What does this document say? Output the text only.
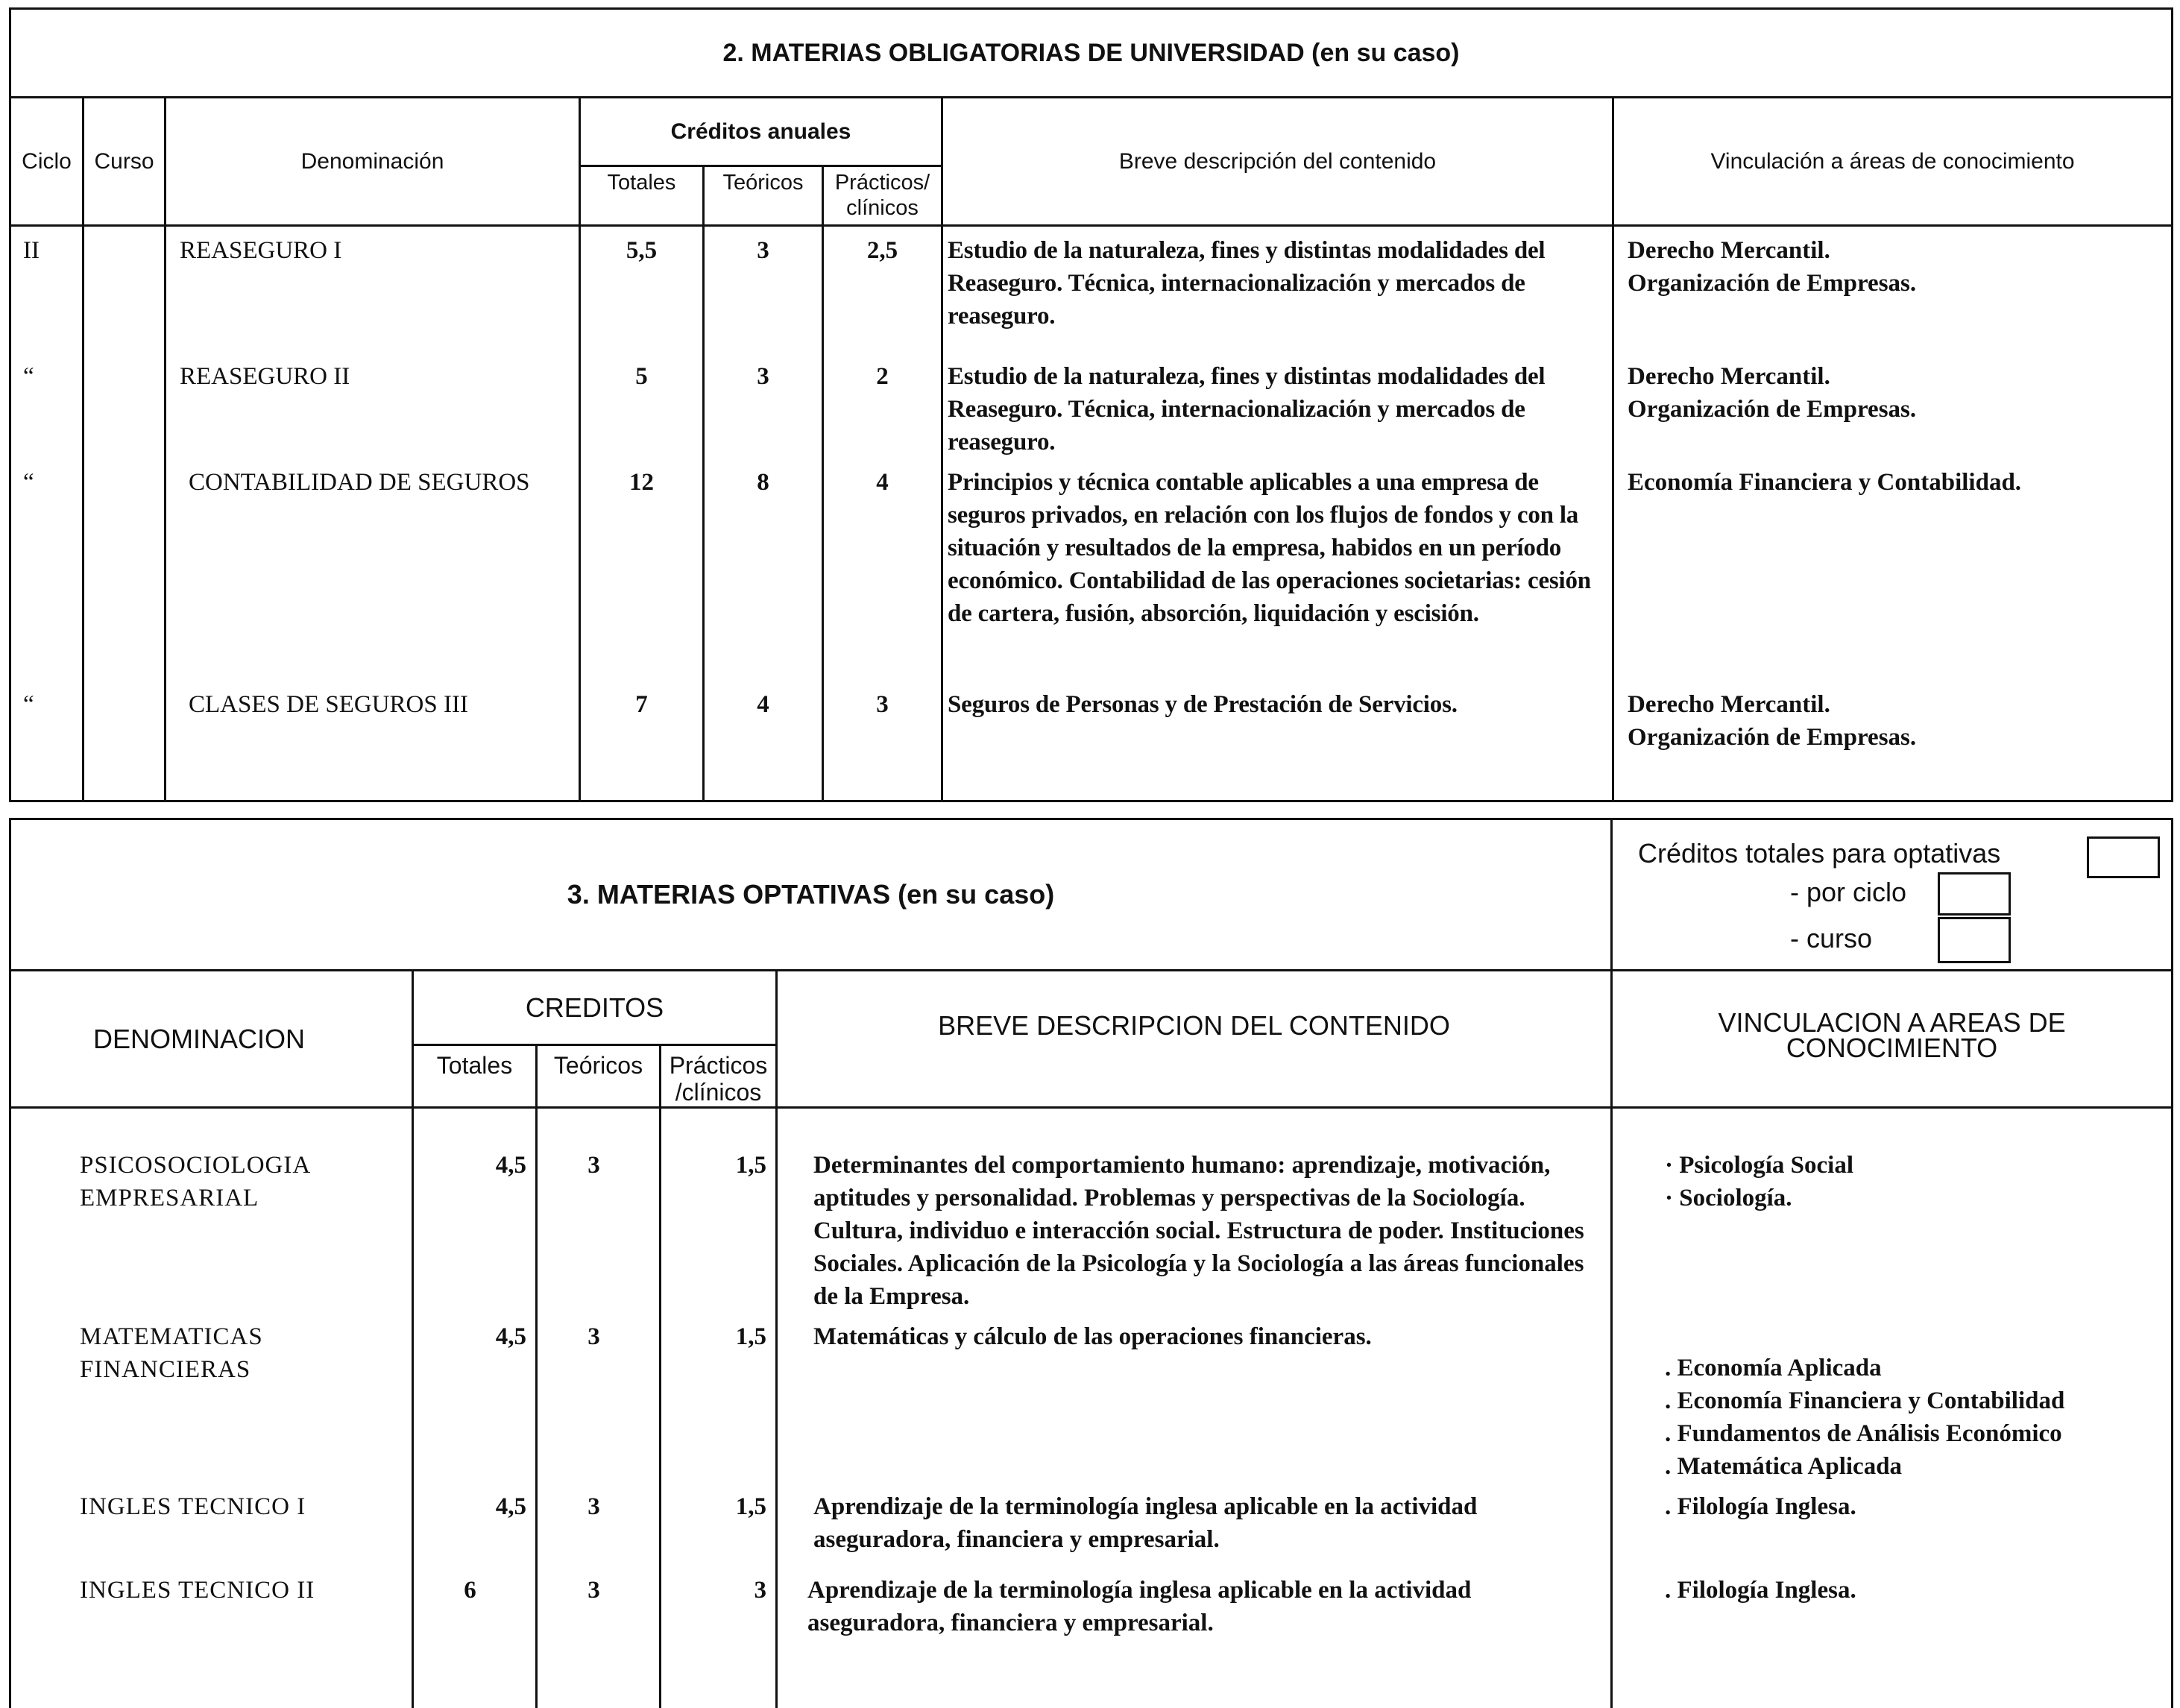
2. MATERIAS OBLIGATORIAS DE UNIVERSIDAD (en su caso)							
Ciclo	Curso	Denominación	Créditos anuales			Breve descripción del contenido	Vinculación a áreas de conocimiento
			Totales	Teóricos	Prácticos/ clínicos		
II		REASEGURO I	5,5	3	2,5	Estudio de la naturaleza, fines y distintas modalidades del Reaseguro. Técnica, internacionalización y mercados de reaseguro.	Derecho Mercantil.
Organización de Empresas.
“		REASEGURO II	5	3	2	Estudio de la naturaleza, fines y distintas modalidades del Reaseguro. Técnica, internacionalización y mercados de reaseguro.	Derecho Mercantil.
Organización de Empresas.
“		CONTABILIDAD DE SEGUROS	12	8	4	Principios y técnica contable aplicables a una empresa de seguros privados, en relación con los flujos de fondos y con la situación y resultados de la empresa, habidos en un período económico. Contabilidad de las operaciones societarias: cesión de cartera, fusión, absorción, liquidación y escisión.	Economía Financiera y Contabilidad.
“		CLASES DE SEGUROS III	7	4	3	Seguros de Personas y de Prestación de Servicios.	Derecho Mercantil.
Organización de Empresas.
3. MATERIAS OPTATIVAS (en su caso)					Créditos totales para optativas
- por ciclo
- curso

DENOMINACION	CREDITOS			BREVE DESCRIPCION DEL CONTENIDO	VINCULACION A AREAS DE CONOCIMIENTO
	Totales	Teóricos	Prácticos /clínicos		
PSICOSOCIOLOGIA EMPRESARIAL	4,5	3	1,5	Determinantes del comportamiento humano: aprendizaje, motivación, aptitudes y personalidad. Problemas y perspectivas de la Sociología. Cultura, individuo e interacción social. Estructura de poder. Instituciones Sociales. Aplicación de la Psicología y la Sociología a las áreas funcionales de la Empresa.	· Psicología Social
· Sociología.
MATEMATICAS FINANCIERAS	4,5	3	1,5	Matemáticas y cálculo de las operaciones financieras.	. Economía Aplicada
. Economía Financiera y Contabilidad
. Fundamentos de Análisis Económico
. Matemática Aplicada
INGLES TECNICO I	4,5	3	1,5	Aprendizaje de la terminología inglesa aplicable en la actividad aseguradora, financiera y empresarial.	. Filología Inglesa.
INGLES TECNICO II	6	3	3	Aprendizaje de la terminología inglesa aplicable en la actividad aseguradora, financiera y empresarial.	. Filología Inglesa.
